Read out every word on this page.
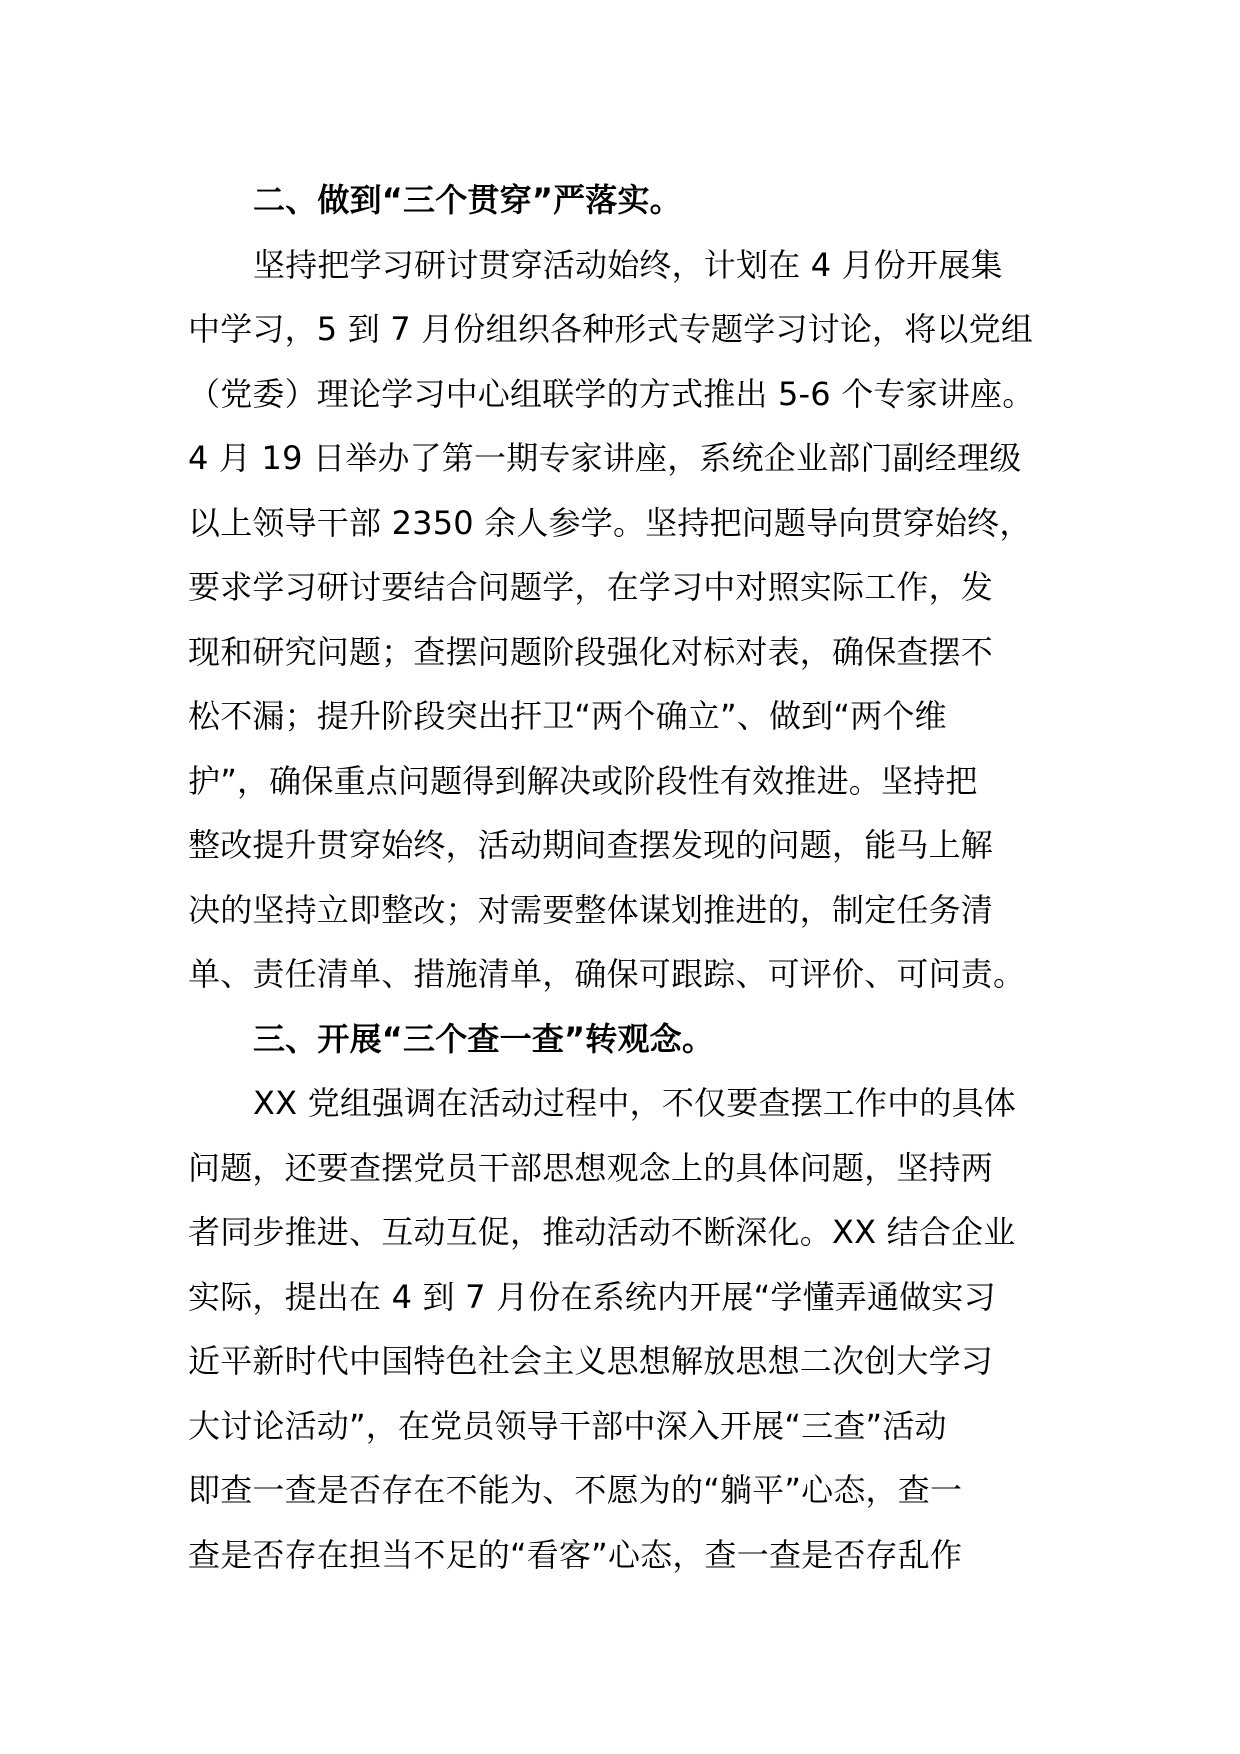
二、做到“三个贯穿”严落实。
坚持把学习研讨贯穿活动始终，计划在 4 月份开展集
中学习，5 到 7 月份组织各种形式专题学习讨论，将以党组
（党委）理论学习中心组联学的方式推出 5-6 个专家讲座。
4 月 19 日举办了第一期专家讲座，系统企业部门副经理级
以上领导干部 2350 余人参学。坚持把问题导向贯穿始终，
要求学习研讨要结合问题学，在学习中对照实际工作，发
现和研究问题；查摆问题阶段强化对标对表，确保查摆不
松不漏；提升阶段突出扞卫“两个确立”、做到“两个维
护”，确保重点问题得到解决或阶段性有效推进。坚持把
整改提升贯穿始终，活动期间查摆发现的问题，能马上解
决的坚持立即整改；对需要整体谋划推进的，制定任务清
单、责任清单、措施清单，确保可跟踪、可评价、可问责。
三、开展“三个查一查”转观念。
XX 党组强调在活动过程中，不仅要查摆工作中的具体
问题，还要查摆党员干部思想观念上的具体问题，坚持两
者同步推进、互动互促，推动活动不断深化。XX 结合企业
实际，提出在 4 到 7 月份在系统内开展“学懂弄通做实习
近平新时代中国特色社会主义思想解放思想二次创大学习
大讨论活动”，在党员领导干部中深入开展“三查”活动
即查一查是否存在不能为、不愿为的“躺平”心态，查一
查是否存在担当不足的“看客”心态，查一查是否存乱作
